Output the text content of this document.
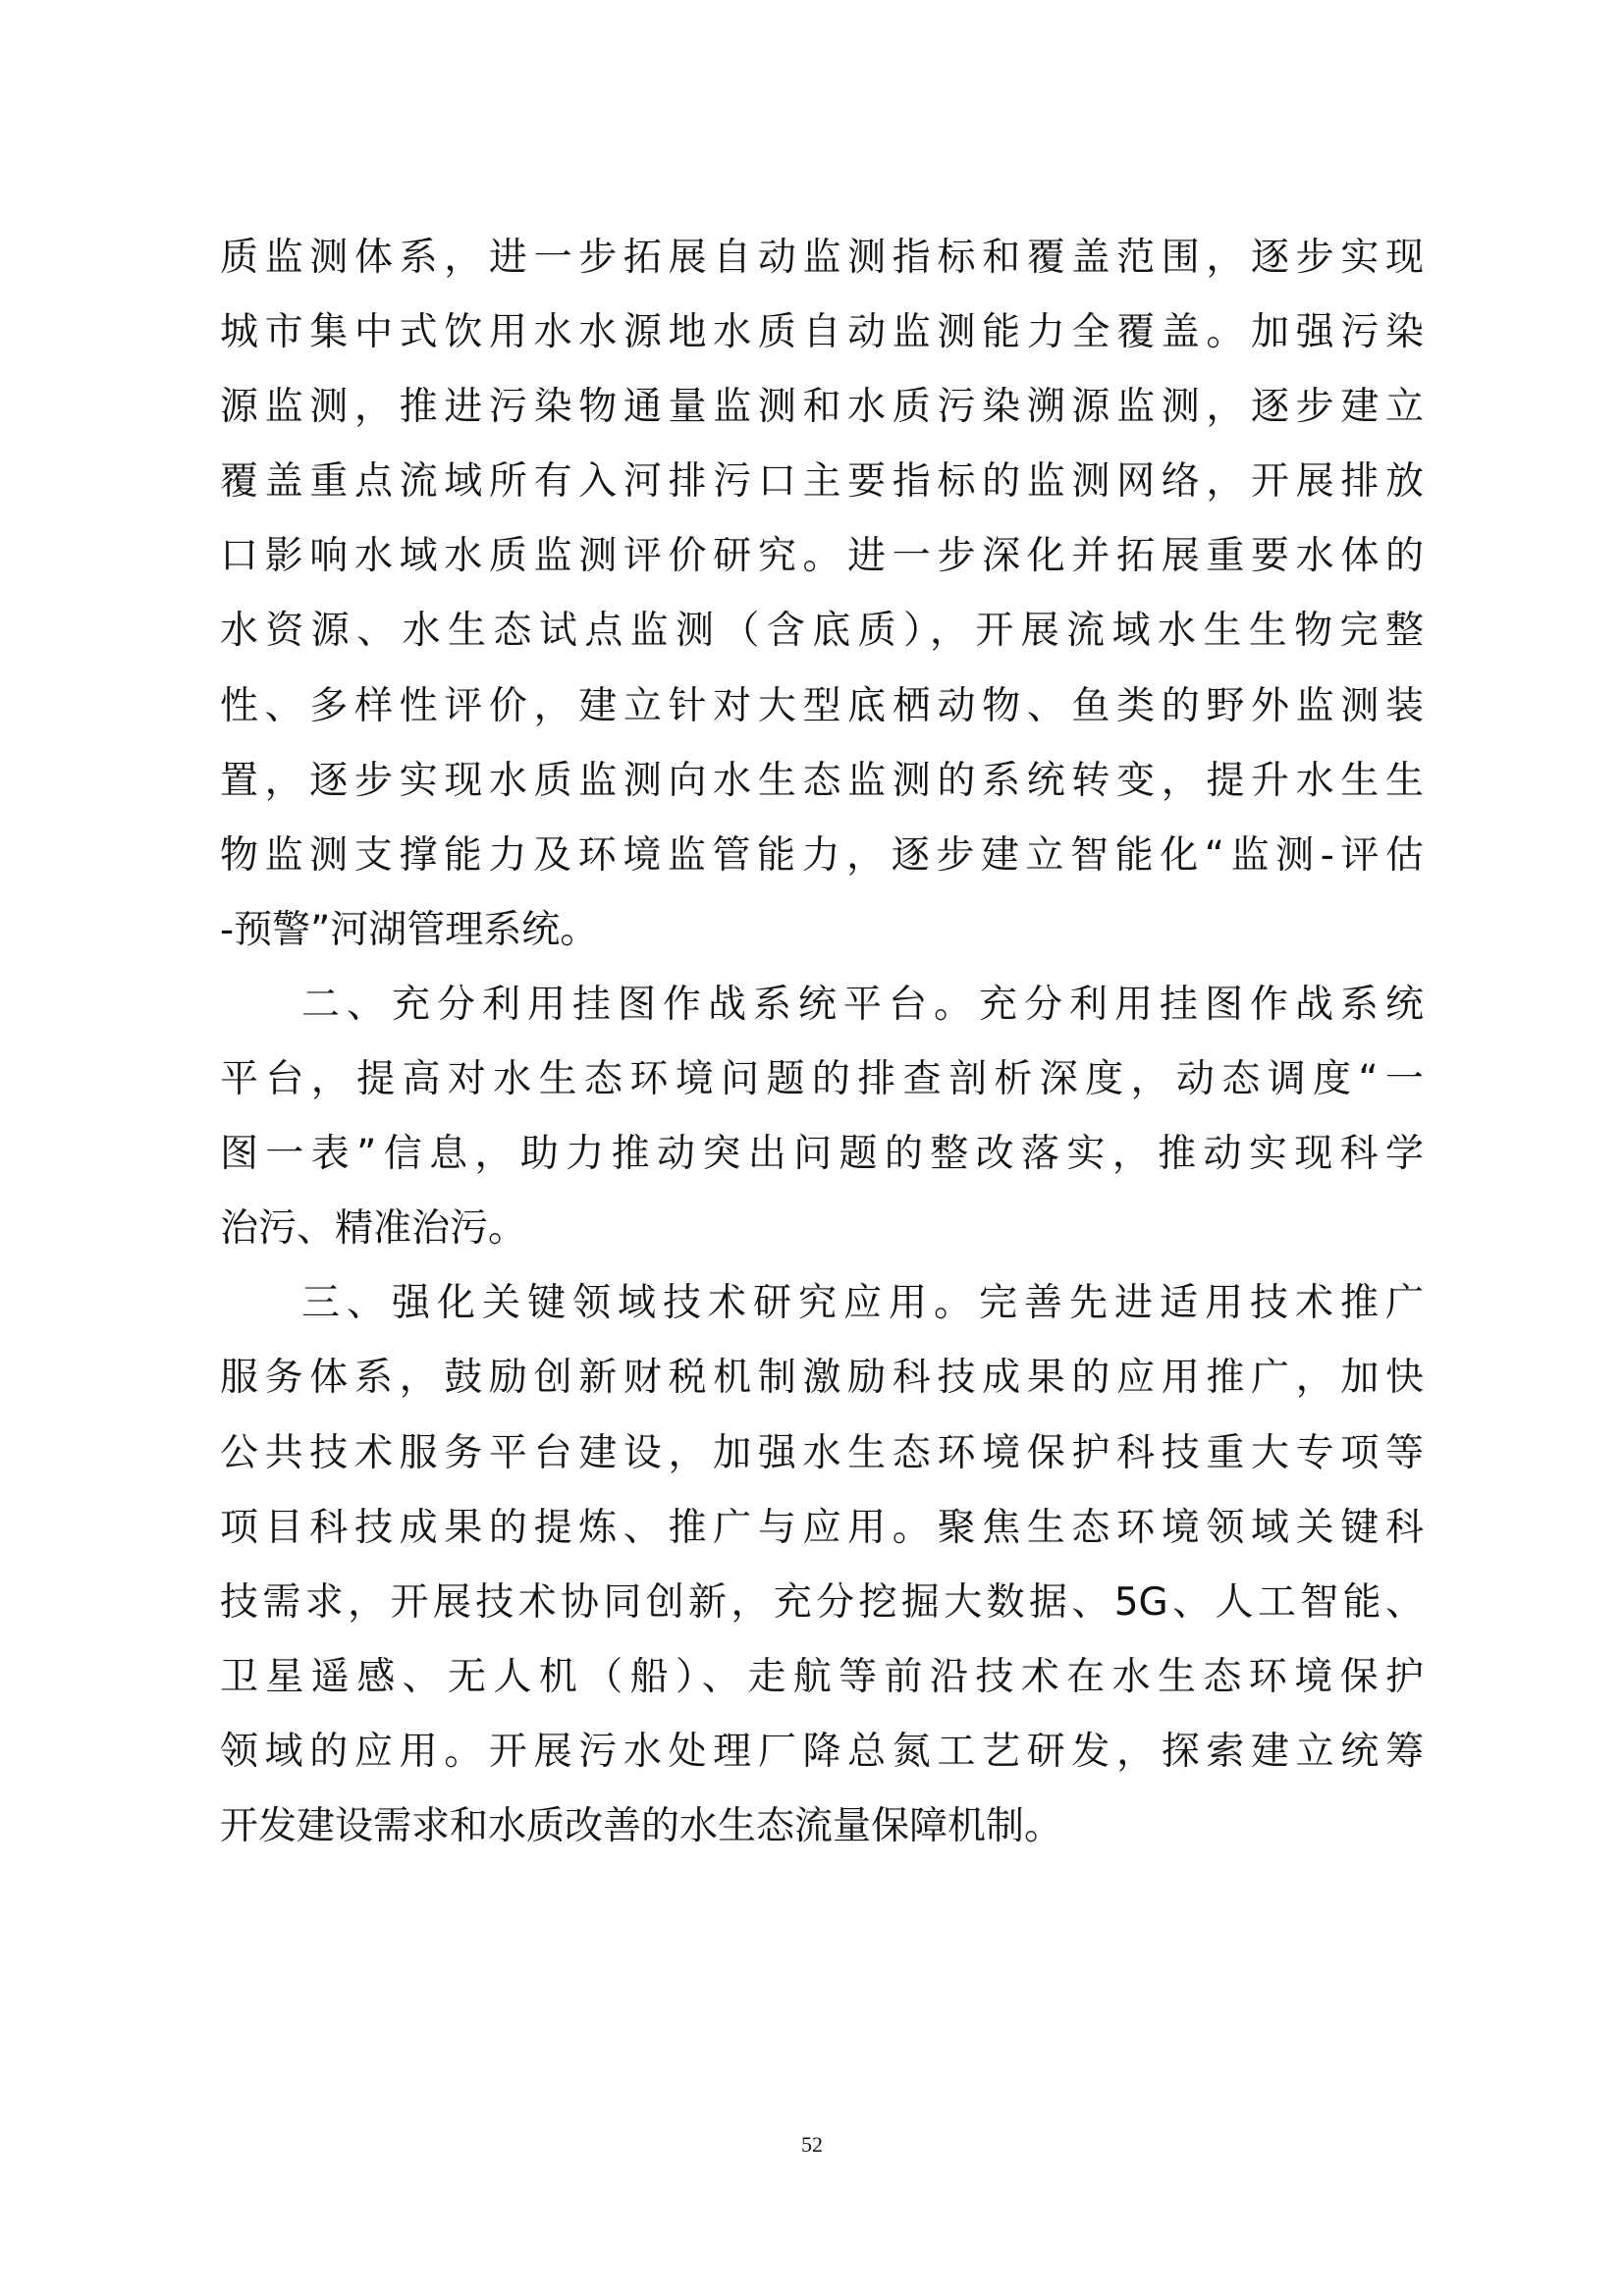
质监测体系，进一步拓展自动监测指标和覆盖范围，逐步实现
城市集中式饮用水水源地水质自动监测能力全覆盖。加强污染
源监测，推进污染物通量监测和水质污染溯源监测，逐步建立
覆盖重点流域所有入河排污口主要指标的监测网络，开展排放
口影响水域水质监测评价研究。进一步深化并拓展重要水体的
水资源、水生态试点监测（含底质），开展流域水生生物完整
性、多样性评价，建立针对大型底栖动物、鱼类的野外监测装
置，逐步实现水质监测向水生态监测的系统转变，提升水生生
物监测支撑能力及环境监管能力，逐步建立智能化“监测-评估
-预警”河湖管理系统。
二、充分利用挂图作战系统平台。充分利用挂图作战系统
平台，提高对水生态环境问题的排查剖析深度，动态调度“一
图一表”信息，助力推动突出问题的整改落实，推动实现科学
治污、精准治污。
三、强化关键领域技术研究应用。完善先进适用技术推广
服务体系，鼓励创新财税机制激励科技成果的应用推广，加快
公共技术服务平台建设，加强水生态环境保护科技重大专项等
项目科技成果的提炼、推广与应用。聚焦生态环境领域关键科
技需求，开展技术协同创新，充分挖掘大数据、5G、人工智能、
卫星遥感、无人机（船）、走航等前沿技术在水生态环境保护
领域的应用。开展污水处理厂降总氮工艺研发，探索建立统筹
开发建设需求和水质改善的水生态流量保障机制。
52
